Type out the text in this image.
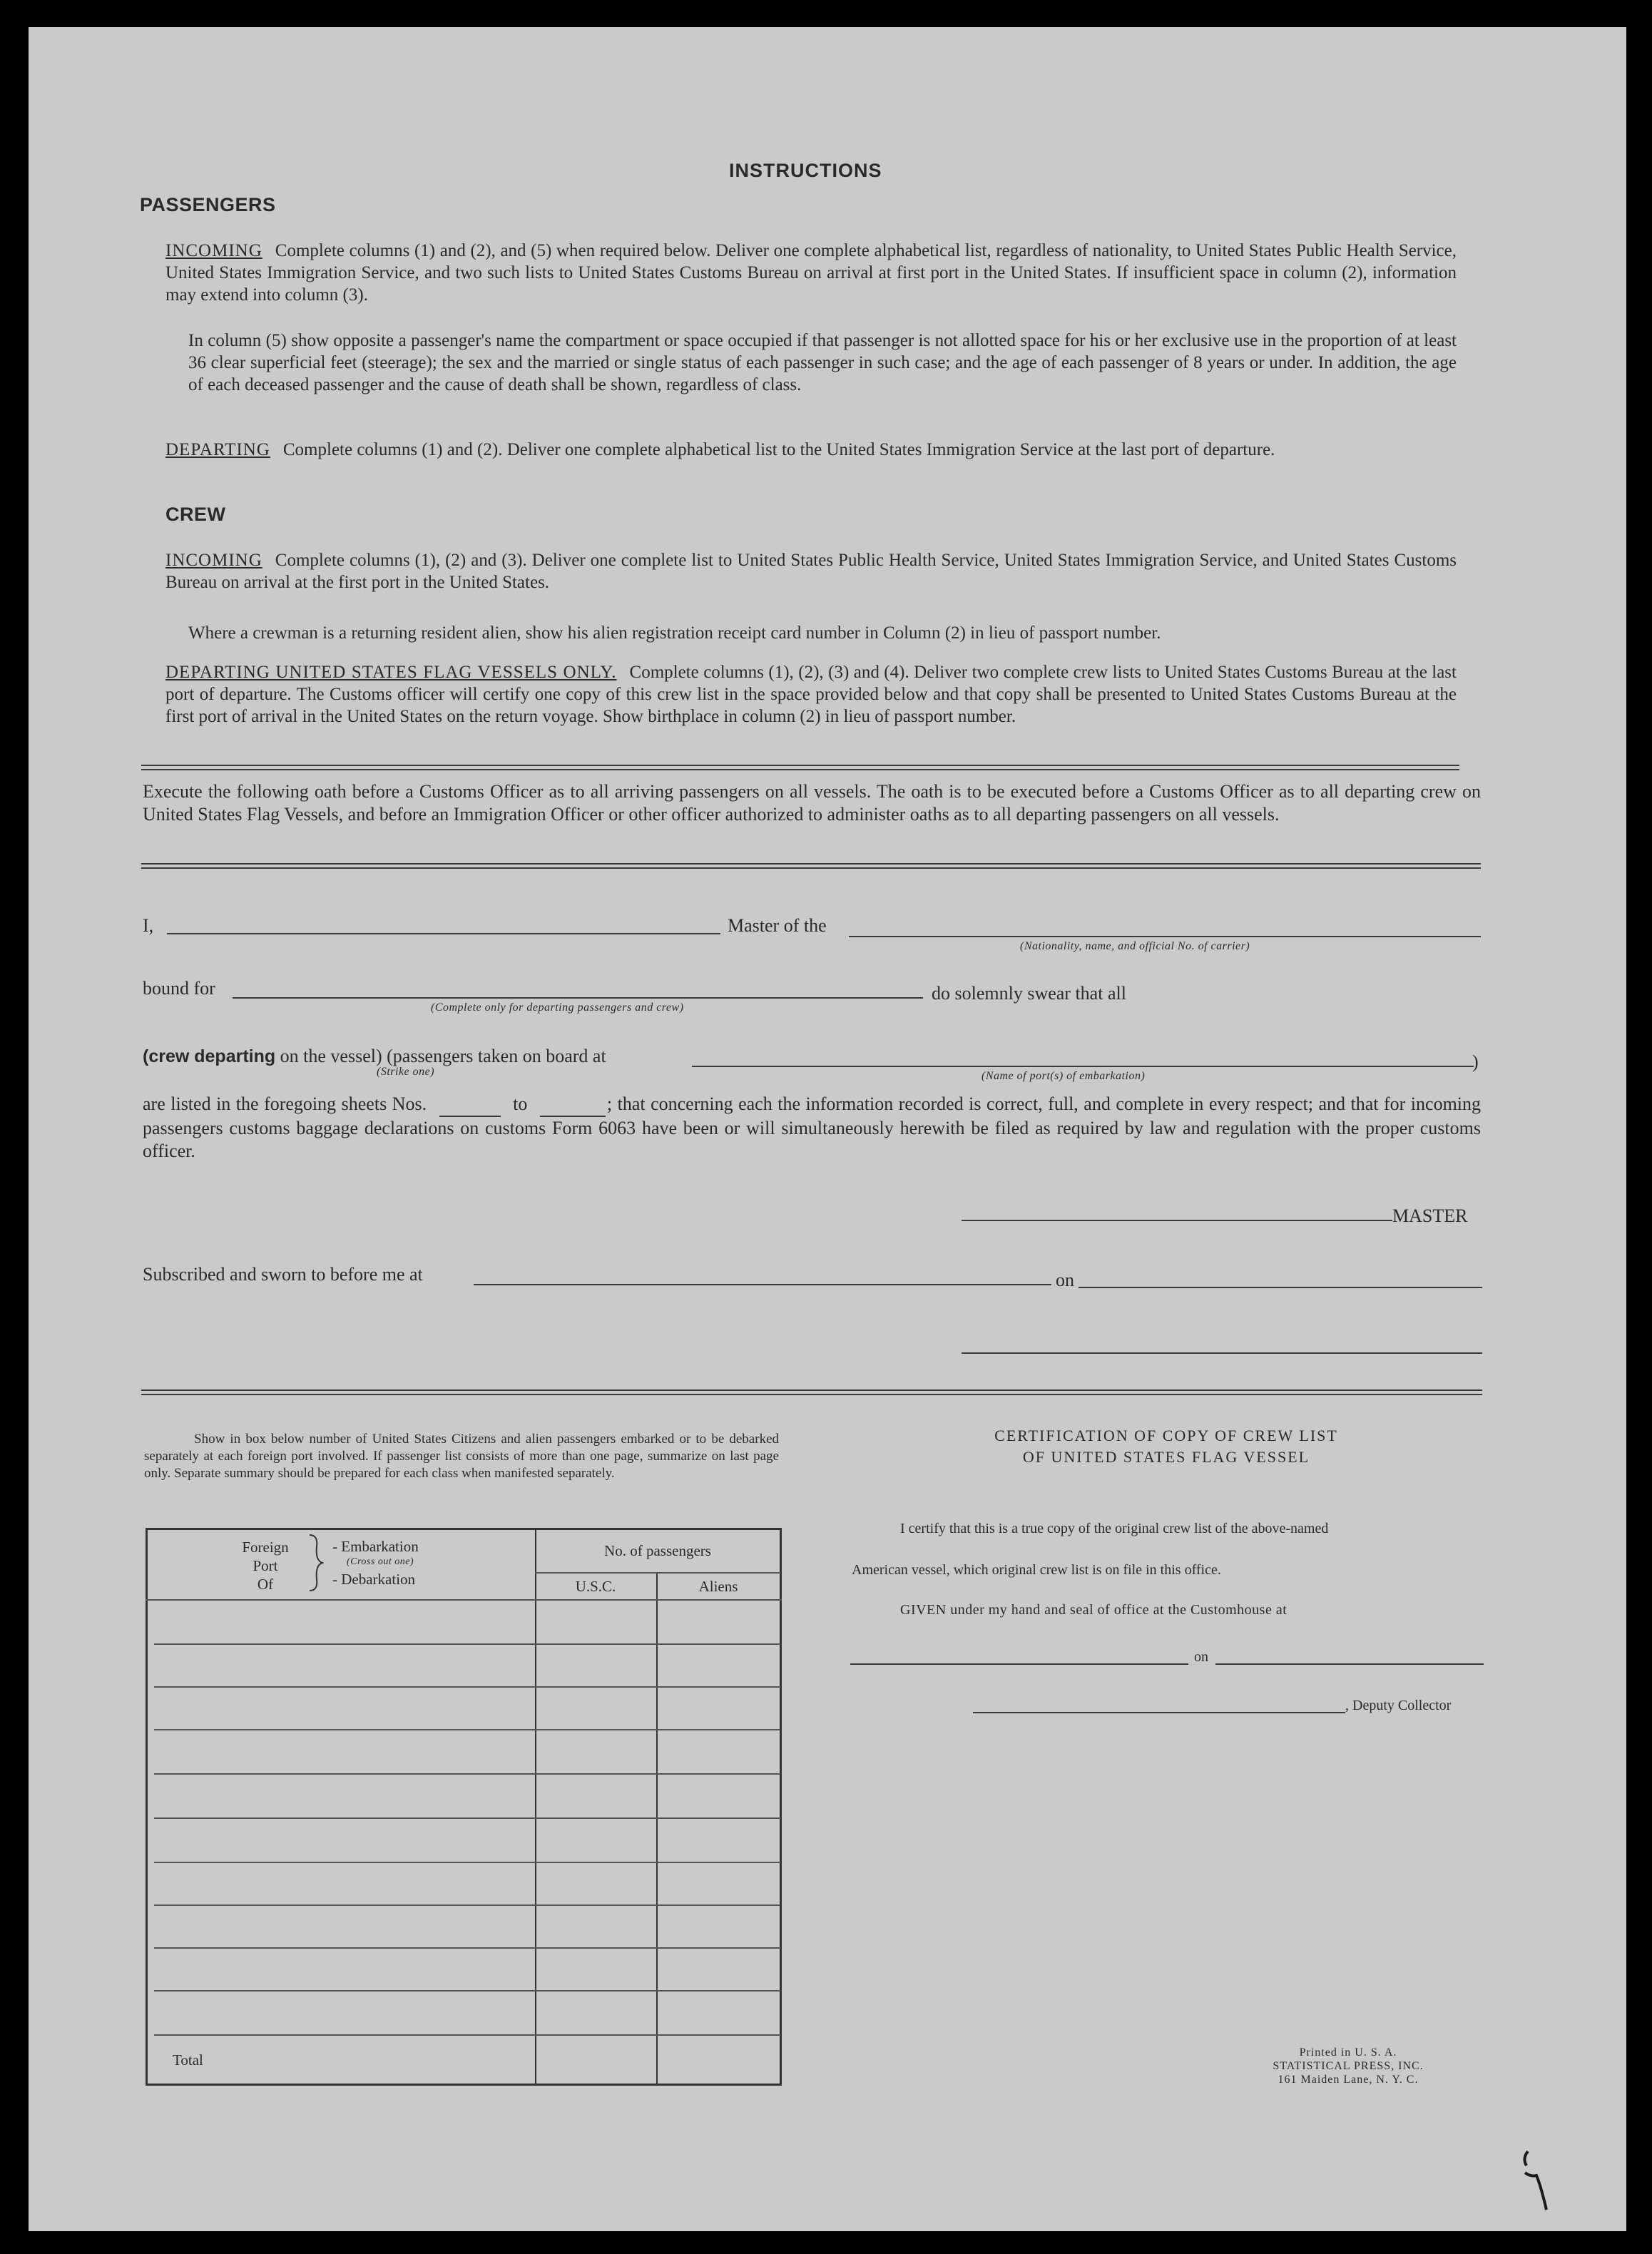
INSTRUCTIONS
PASSENGERS
INCOMING Complete columns (1) and (2), and (5) when required below. Deliver one complete alphabetical list, regardless of nationality, to United States Public Health Service, United States Immigration Service, and two such lists to United States Customs Bureau on arrival at first port in the United States. If insufficient space in column (2), information may extend into column (3).
In column (5) show opposite a passenger's name the compartment or space occupied if that passenger is not allotted space for his or her exclusive use in the proportion of at least 36 clear superficial feet (steerage); the sex and the married or single status of each passenger in such case; and the age of each passenger of 8 years or under. In addition, the age of each deceased passenger and the cause of death shall be shown, regardless of class.
DEPARTING Complete columns (1) and (2). Deliver one complete alphabetical list to the United States Immigration Service at the last port of departure.
CREW
INCOMING Complete columns (1), (2) and (3). Deliver one complete list to United States Public Health Service, United States Immigration Service, and United States Customs Bureau on arrival at the first port in the United States.
Where a crewman is a returning resident alien, show his alien registration receipt card number in Column (2) in lieu of passport number.
DEPARTING UNITED STATES FLAG VESSELS ONLY. Complete columns (1), (2), (3) and (4). Deliver two complete crew lists to United States Customs Bureau at the last port of departure. The Customs officer will certify one copy of this crew list in the space provided below and that copy shall be presented to United States Customs Bureau at the first port of arrival in the United States on the return voyage. Show birthplace in column (2) in lieu of passport number.
Execute the following oath before a Customs Officer as to all arriving passengers on all vessels. The oath is to be executed before a Customs Officer as to all departing crew on United States Flag Vessels, and before an Immigration Officer or other officer authorized to administer oaths as to all departing passengers on all vessels.
I,	Master of the
(Nationality, name, and official No. of carrier)
bound for
(Complete only for departing passengers and crew)
do solemnly swear that all
(crew departing on the vessel) (passengers taken on board at
(Strike one)	)
(Name of port(s) of embarkation)
are listed in the foregoing sheets Nos.	to	; that concerning each the information recorded is correct, full, and complete in every respect; and that for incoming passengers customs baggage declarations on customs Form 6063 have been or will simultaneously herewith be filed as required by law and regulation with the proper customs officer.
MASTER
Subscribed and sworn to before me at	on
Show in box below number of United States Citizens and alien passengers embarked or to be debarked separately at each foreign port involved. If passenger list consists of more than one page, summarize on last page only. Separate summary should be prepared for each class when manifested separately.
Foreign
Port
Of
- Embarkation
(Cross out one)
- Debarkation
No. of passengers
U.S.C.	Aliens
Total
CERTIFICATION OF COPY OF CREW LIST
OF UNITED STATES FLAG VESSEL
I certify that this is a true copy of the original crew list of the above-named
American vessel, which original crew list is on file in this office.
GIVEN under my hand and seal of office at the Customhouse at
on
, Deputy Collector
Printed in U. S. A.
STATISTICAL PRESS, INC.
161 Maiden Lane, N. Y. C.
